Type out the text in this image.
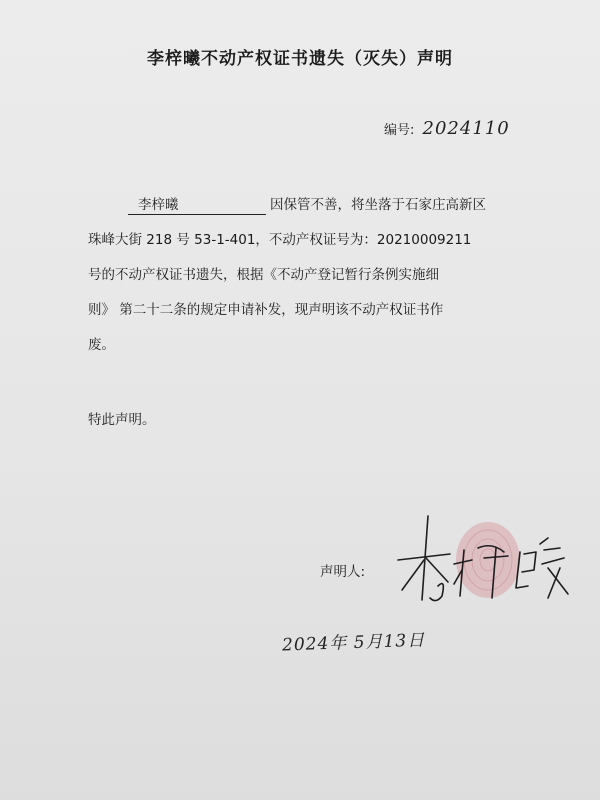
李梓曦不动产权证书遗失（灭失）声明
编号: 2024110
李梓曦	因保管不善，将坐落于石家庄高新区
珠峰大街 218 号 53-1-401，不动产权证号为：20210009211
号的不动产权证书遗失，根据《不动产登记暂行条例实施细
则》 第二十二条的规定申请补发，现声明该不动产权证书作
废。
特此声明。
声明人:
2024年 5月13日
